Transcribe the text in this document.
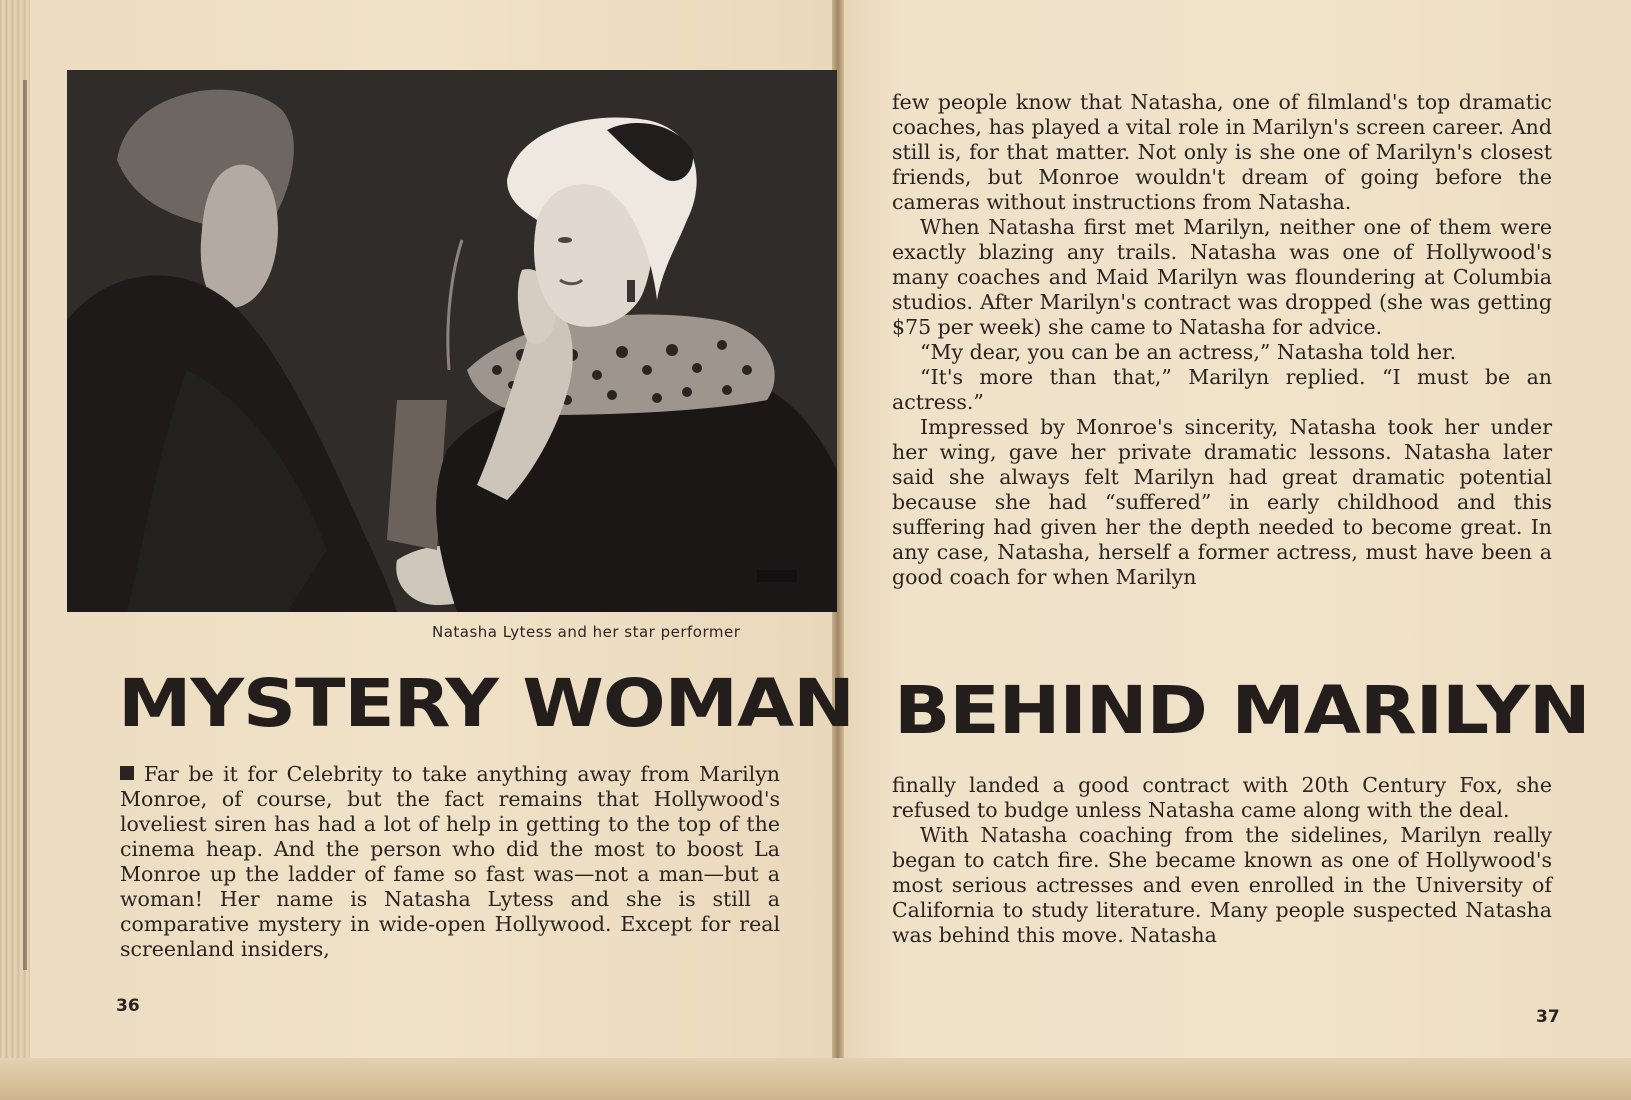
Natasha Lytess and her star performer
MYSTERY WOMAN BEHIND MARILYN

Far be it for Celebrity to take anything away from Marilyn Monroe, of course, but the fact remains that Hollywood's loveliest siren has had a lot of help in getting to the top of the cinema heap. And the person who did the most to boost La Monroe up the ladder of fame so fast was—not a man—but a woman! Her name is Natasha Lytess and she is still a comparative mystery in wide-open Hollywood. Except for real screenland insiders,

few people know that Natasha, one of filmland's top dramatic coaches, has played a vital role in Marilyn's screen career. And still is, for that matter. Not only is she one of Marilyn's closest friends, but Monroe wouldn't dream of going before the cameras without instructions from Natasha.

When Natasha first met Marilyn, neither one of them were exactly blazing any trails. Natasha was one of Hollywood's many coaches and Maid Marilyn was floundering at Columbia studios. After Marilyn's contract was dropped (she was getting $75 per week) she came to Natasha for advice.

“My dear, you can be an actress,” Natasha told her.

“It's more than that,” Marilyn replied. “I must be an actress.”

Impressed by Monroe's sincerity, Natasha took her under her wing, gave her private dramatic lessons. Natasha later said she always felt Marilyn had great dramatic potential because she had “suffered” in early childhood and this suffering had given her the depth needed to become great. In any case, Natasha, herself a former actress, must have been a good coach for when Marilyn

finally landed a good contract with 20th Century Fox, she refused to budge unless Natasha came along with the deal.

With Natasha coaching from the sidelines, Marilyn really began to catch fire. She became known as one of Hollywood's most serious actresses and even enrolled in the University of California to study literature. Many people suspected Natasha was behind this move. Natasha

36
37
